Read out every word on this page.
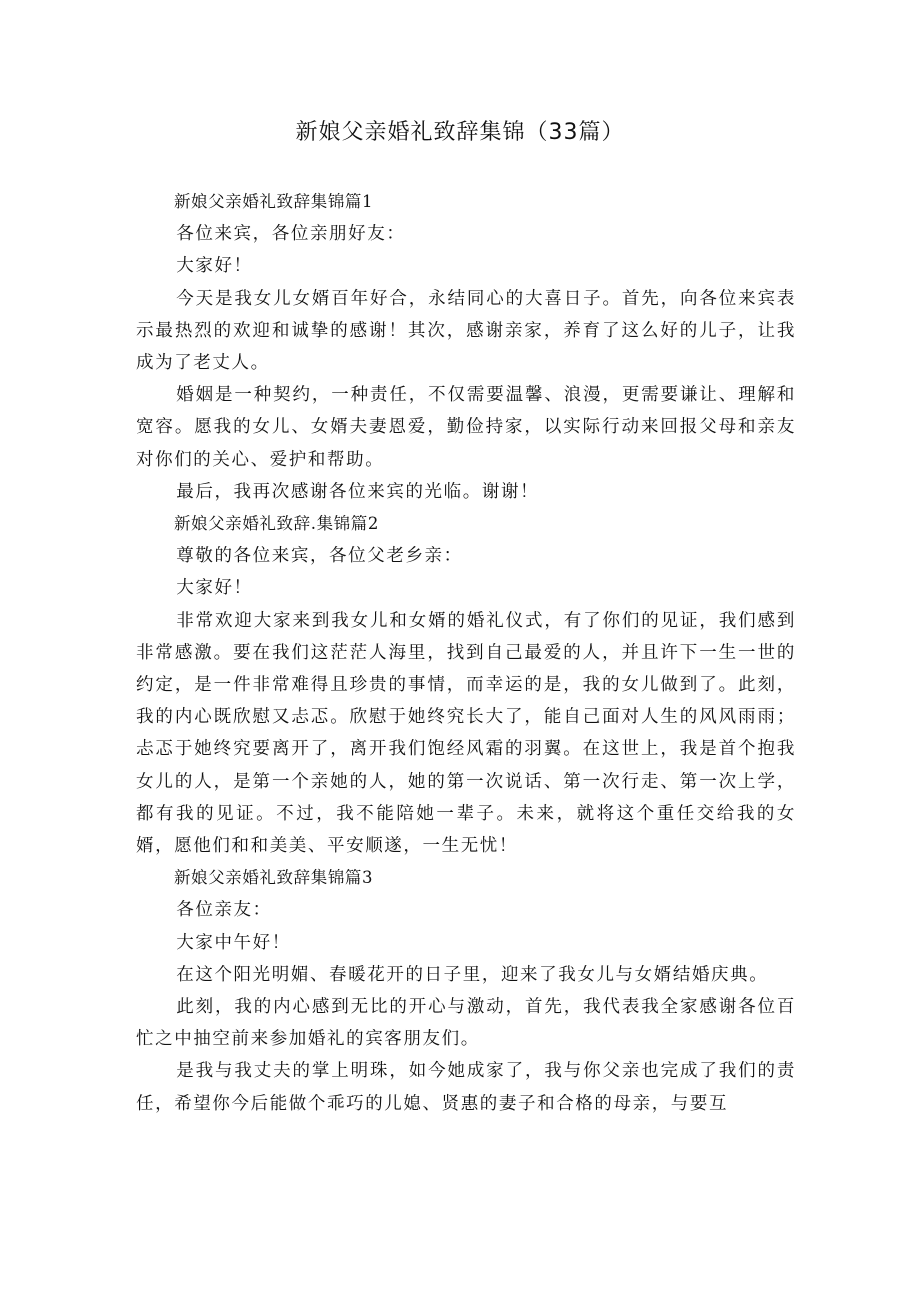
新娘父亲婚礼致辞集锦（33篇）

新娘父亲婚礼致辞集锦篇1

各位来宾，各位亲朋好友：

大家好！

今天是我女儿女婿百年好合，永结同心的大喜日子。首先，向各位来宾表示最热烈的欢迎和诚挚的感谢！其次，感谢亲家，养育了这么好的儿子，让我成为了老丈人。

婚姻是一种契约，一种责任，不仅需要温馨、浪漫，更需要谦让、理解和宽容。愿我的女儿、女婿夫妻恩爱，勤俭持家，以实际行动来回报父母和亲友对你们的关心、爱护和帮助。

最后，我再次感谢各位来宾的光临。谢谢！

新娘父亲婚礼致辞.集锦篇2

尊敬的各位来宾，各位父老乡亲：

大家好！

非常欢迎大家来到我女儿和女婿的婚礼仪式，有了你们的见证，我们感到非常感激。要在我们这茫茫人海里，找到自己最爱的人，并且许下一生一世的约定，是一件非常难得且珍贵的事情，而幸运的是，我的女儿做到了。此刻，我的内心既欣慰又忐忑。欣慰于她终究长大了，能自己面对人生的风风雨雨；忐忑于她终究要离开了，离开我们饱经风霜的羽翼。在这世上，我是首个抱我女儿的人，是第一个亲她的人，她的第一次说话、第一次行走、第一次上学，都有我的见证。不过，我不能陪她一辈子。未来，就将这个重任交给我的女婿，愿他们和和美美、平安顺遂，一生无忧！

新娘父亲婚礼致辞集锦篇3

各位亲友：

大家中午好！

在这个阳光明媚、春暖花开的日子里，迎来了我女儿与女婿结婚庆典。

此刻，我的内心感到无比的开心与激动，首先，我代表我全家感谢各位百忙之中抽空前来参加婚礼的宾客朋友们。

是我与我丈夫的掌上明珠，如今她成家了，我与你父亲也完成了我们的责任，希望你今后能做个乖巧的儿媳、贤惠的妻子和合格的母亲，与要互
